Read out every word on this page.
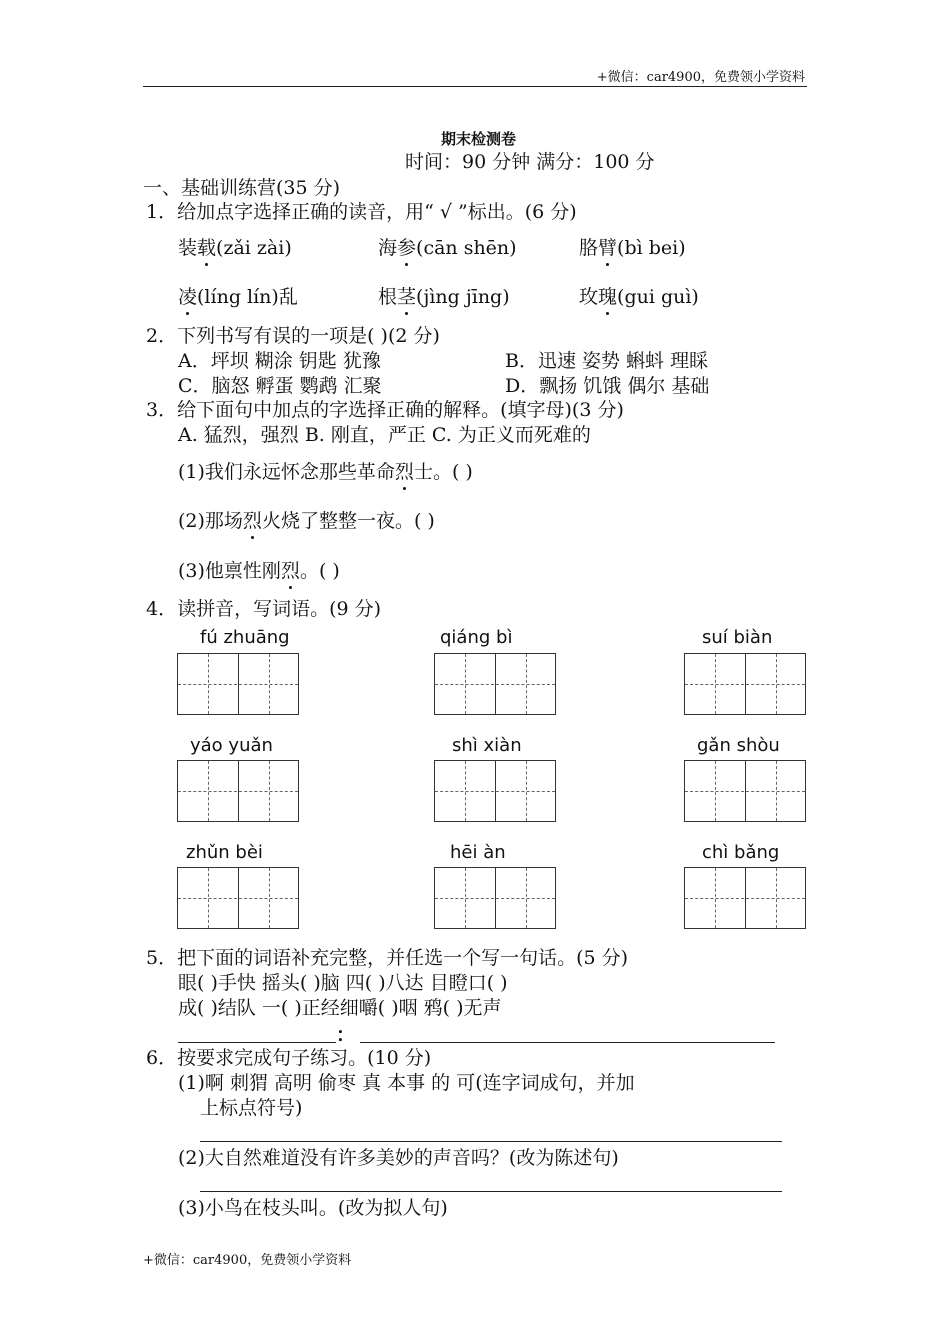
+微信：car4900，免费领小学资料
期末检测卷
时间：90 分钟 满分：100 分
一、基础训练营(35 分)
1．给加点字选择正确的读音，用“ √ ”标出。(6 分)
装载(zǎi zài)	海参(cān shēn)	胳臂(bì bei)
凌(líng lín)乱	根茎(jìng jīng)	玫瑰(gui guì)
2．下列书写有误的一项是( )(2 分)
A．坪坝 糊涂 钥匙 犹豫	B．迅速 姿势 蝌蚪 理睬
C．脑怒 孵蛋 鹦鹉 汇聚	D．飘扬 饥饿 偶尔 基础
3．给下面句中加点的字选择正确的解释。(填字母)(3 分)
A. 猛烈，强烈 B. 刚直，严正 C. 为正义而死难的
(1)我们永远怀念那些革命烈士。( )
(2)那场烈火烧了整整一夜。( )
(3)他禀性刚烈。( )
4．读拼音，写词语。(9 分)
fú zhuāng	qiáng bì	suí biàn
yáo yuǎn	shì xiàn	gǎn shòu
zhǔn bèi	hēi àn	chì bǎng
5．把下面的词语补充完整，并任选一个写一句话。(5 分)
眼( )手快 摇头( )脑 四( )八达 目瞪口( )
成( )结队 一( )正经细嚼( )咽 鸦( )无声
：
6．按要求完成句子练习。(10 分)
(1)啊 刺猬 高明 偷枣 真 本事 的 可(连字词成句，并加
上标点符号)
(2)大自然难道没有许多美妙的声音吗？(改为陈述句)
(3)小鸟在枝头叫。(改为拟人句)
+微信：car4900，免费领小学资料
